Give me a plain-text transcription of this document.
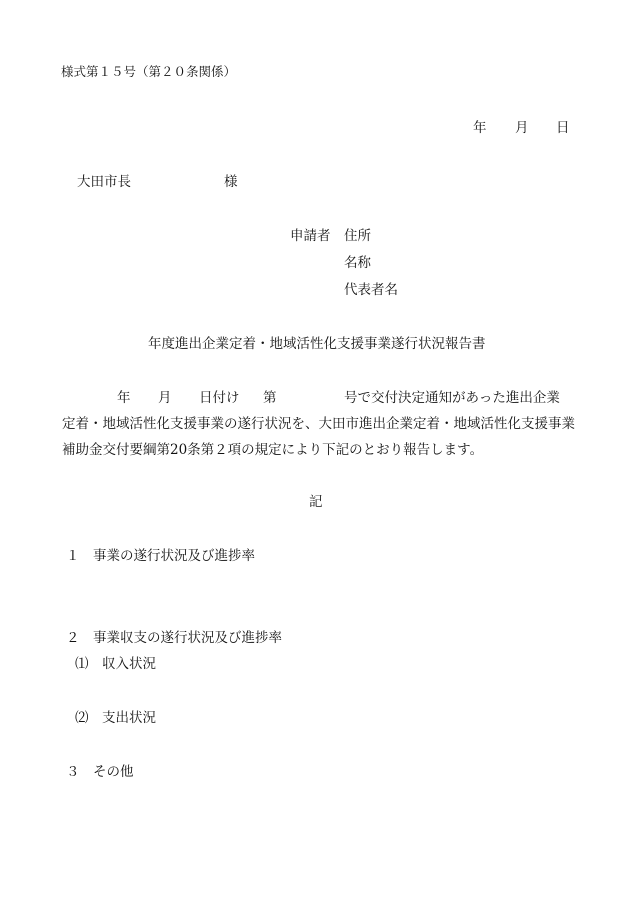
様式第１５号（第２０条関係）
年 月 日
大田市長	様
申請者 住所
名称
代表者名
年度進出企業定着・地域活性化支援事業遂行状況報告書
年 月 日付け 第	号で交付決定通知があった進出企業
定着・地域活性化支援事業の遂行状況を、大田市進出企業定着・地域活性化支援事業
補助金交付要綱第20条第２項の規定により下記のとおり報告します。
記
１　事業の遂行状況及び進捗率
２　事業収支の遂行状況及び進捗率
⑴　収入状況
⑵　支出状況
３　その他
